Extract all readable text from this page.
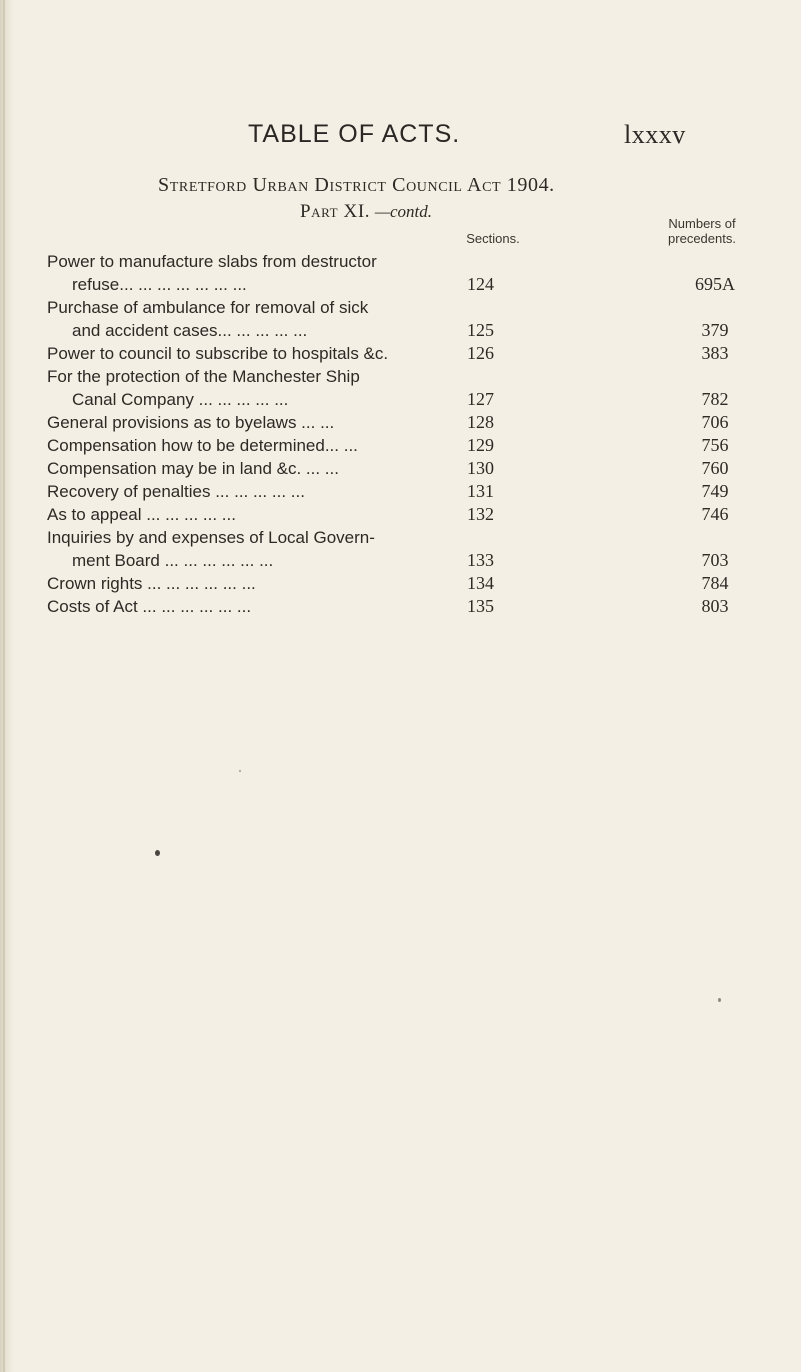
TABLE OF ACTS.	lxxxv
Stretford Urban District Council Act 1904.
Part XI. —contd.
Sections.
Numbers of
precedents.
Power to manufacture slabs from destructor
refuse... ... ... ... ... ... ...	124	695A
Purchase of ambulance for removal of sick
and accident cases... ... ... ... ...	125	379
Power to council to subscribe to hospitals &c.	126	383
For the protection of the Manchester Ship
Canal Company ... ... ... ... ...	127	782
General provisions as to byelaws ... ...	128	706
Compensation how to be determined... ...	129	756
Compensation may be in land &c. ... ...	130	760
Recovery of penalties ... ... ... ... ...	131	749
As to appeal ... ... ... ... ...	132	746
Inquiries by and expenses of Local Govern-
ment Board ... ... ... ... ... ...	133	703
Crown rights ... ... ... ... ... ...	134	784
Costs of Act ... ... ... ... ... ...	135	803
